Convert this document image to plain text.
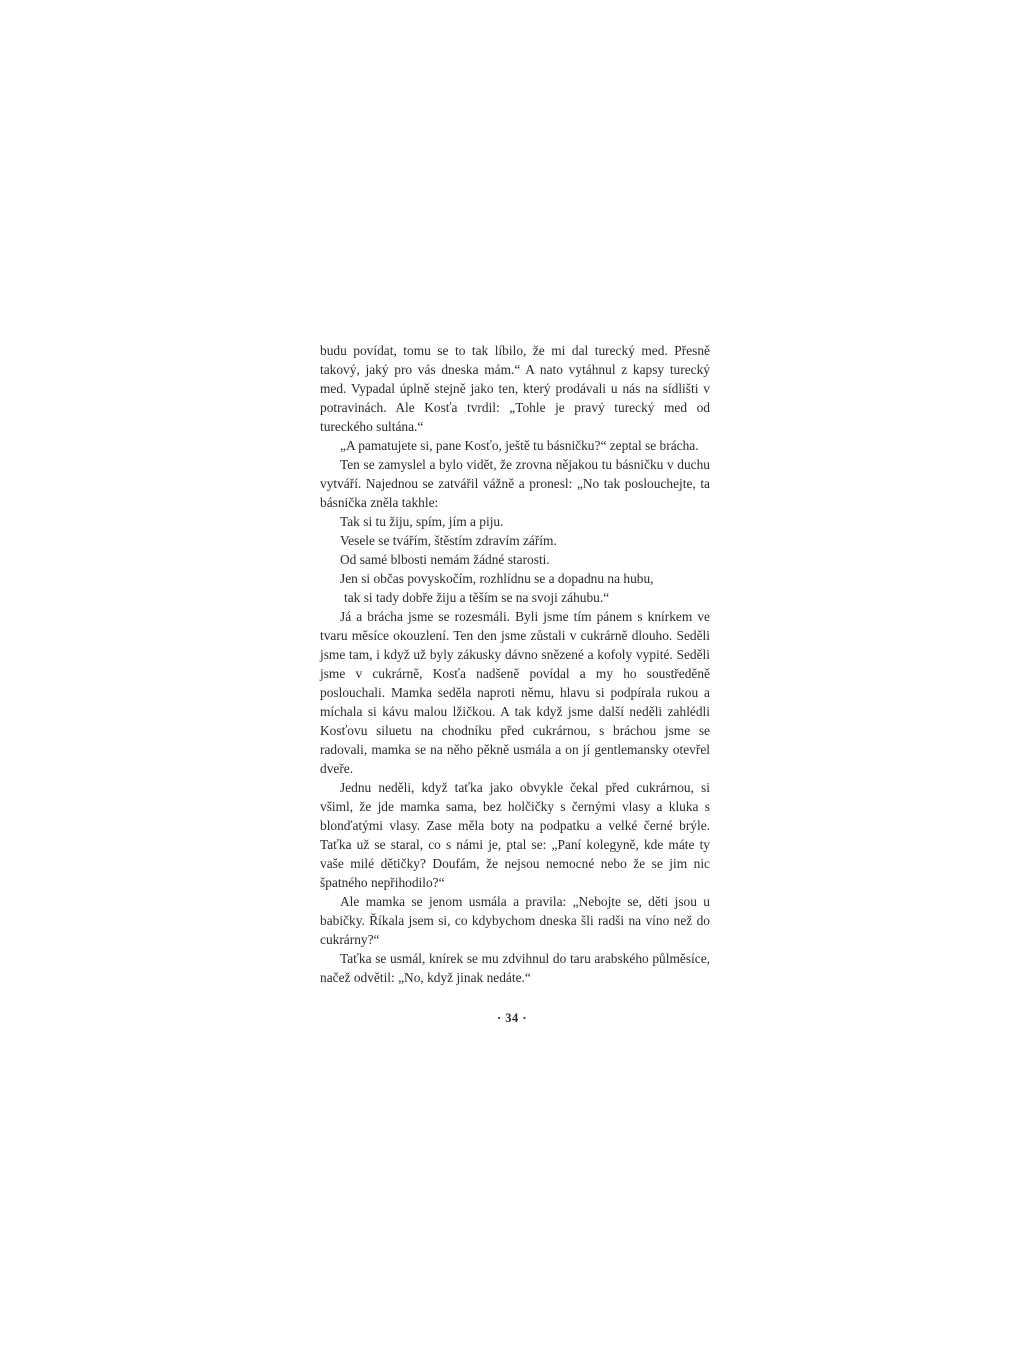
budu povídat, tomu se to tak líbilo, že mi dal turecký med. Přesně takový, jaký pro vás dneska mám.“ A nato vytáhnul z kapsy turecký med. Vypadal úplně stejně jako ten, který prodávali u nás na sídlišti v potravinách. Ale Kosťa tvrdil: „Tohle je pravý turecký med od tureckého sultána.“

„A pamatujete si, pane Kosťo, ještě tu básničku?“ zeptal se brácha.

Ten se zamyslel a bylo vidět, že zrovna nějakou tu básničku v duchu vytváří. Najednou se zatvářil vážně a pronesl: „No tak poslouchejte, ta básnička zněla takhle:

Tak si tu žiju, spím, jím a piju.
Vesele se tvářím, štěstím zdravím zářím.
Od samé blbosti nemám žádné starosti.
Jen si občas povyskočím, rozhlídnu se a dopadnu na hubu,
tak si tady dobře žiju a těším se na svoji záhubu.“

Já a brácha jsme se rozesmáli. Byli jsme tím pánem s knírkem ve tvaru měsíce okouzlení. Ten den jsme zůstali v cukrárně dlouho. Seděli jsme tam, i když už byly zákusky dávno snězené a kofoly vypité. Seděli jsme v cukrárně, Kosťa nadšeně povídal a my ho soustředěně poslouchali. Mamka seděla naproti němu, hlavu si podpírala rukou a míchala si kávu malou lžičkou. A tak když jsme další neděli zahlédli Kosťovu siluetu na chodníku před cukrárnou, s bráchou jsme se radovali, mamka se na něho pěkně usmála a on jí gentlemansky otevřel dveře.

Jednu neděli, když taťka jako obvykle čekal před cukrárnou, si všiml, že jde mamka sama, bez holčičky s černými vlasy a kluka s blonďatými vlasy. Zase měla boty na podpatku a velké černé brýle. Taťka už se staral, co s námi je, ptal se: „Paní kolegyně, kde máte ty vaše milé dětičky? Doufám, že nejsou nemocné nebo že se jim nic špatného nepřihodilo?“

Ale mamka se jenom usmála a pravila: „Nebojte se, děti jsou u babičky. Říkala jsem si, co kdybychom dneska šli radši na víno než do cukrárny?“

Taťka se usmál, knírek se mu zdvihnul do taru arabského půlměsíce, načež odvětil: „No, když jinak nedáte.“

· 34 ·
